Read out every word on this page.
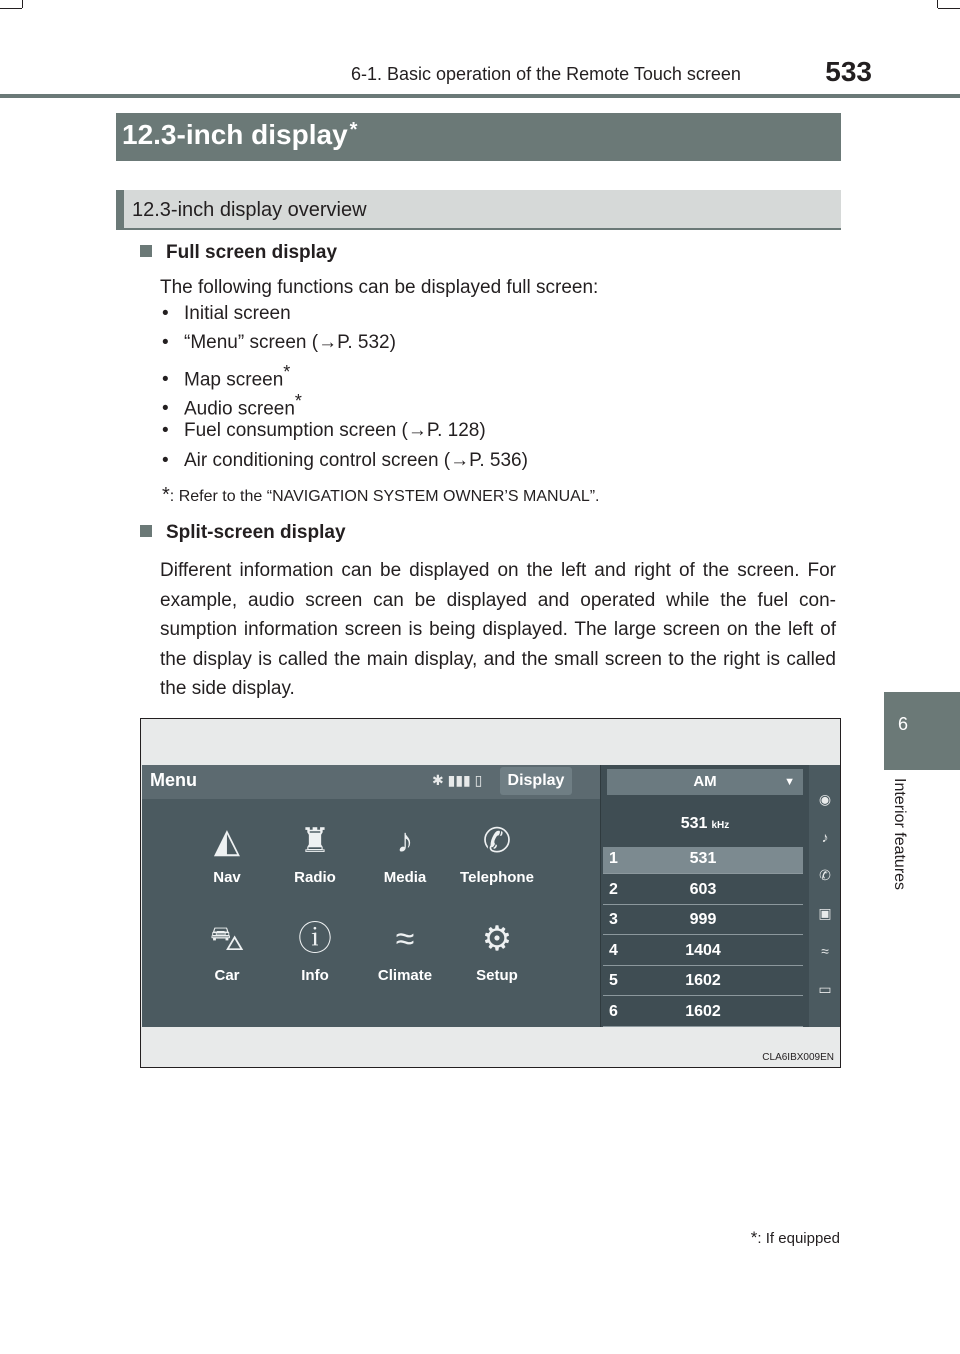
6-1. Basic operation of the Remote Touch screen	533
6
Interior features
12.3-inch display *
12.3-inch display overview
Full screen display
The following functions can be displayed full screen:
• Initial screen
• “Menu” screen (→P. 532)
• Map screen*
• Audio screen*
• Fuel consumption screen (→P. 128)
• Air conditioning control screen (→P. 536)
*: Refer to the “NAVIGATION SYSTEM OWNER’S MANUAL”.
Split-screen display
Different information can be displayed on the left and right of the screen. For example, audio screen can be displayed and operated while the fuel con-sumption information screen is being displayed. The large screen on the left of the display is called the main display, and the small screen to the right is called the side display.
Menu	✱ ▮▮▮ ▯	Display
◭
Nav
♜
Radio
♪
Media
✆
Telephone
⛍
Car
ⓘ
Info
≈
Climate
⚙
Setup
AM	▼
531 kHz
1	531
2	603
3	999
4	1404
5	1602
6	1602
◉
♪
✆
▣
≈
▭
CLA6IBX009EN
*: If equipped
